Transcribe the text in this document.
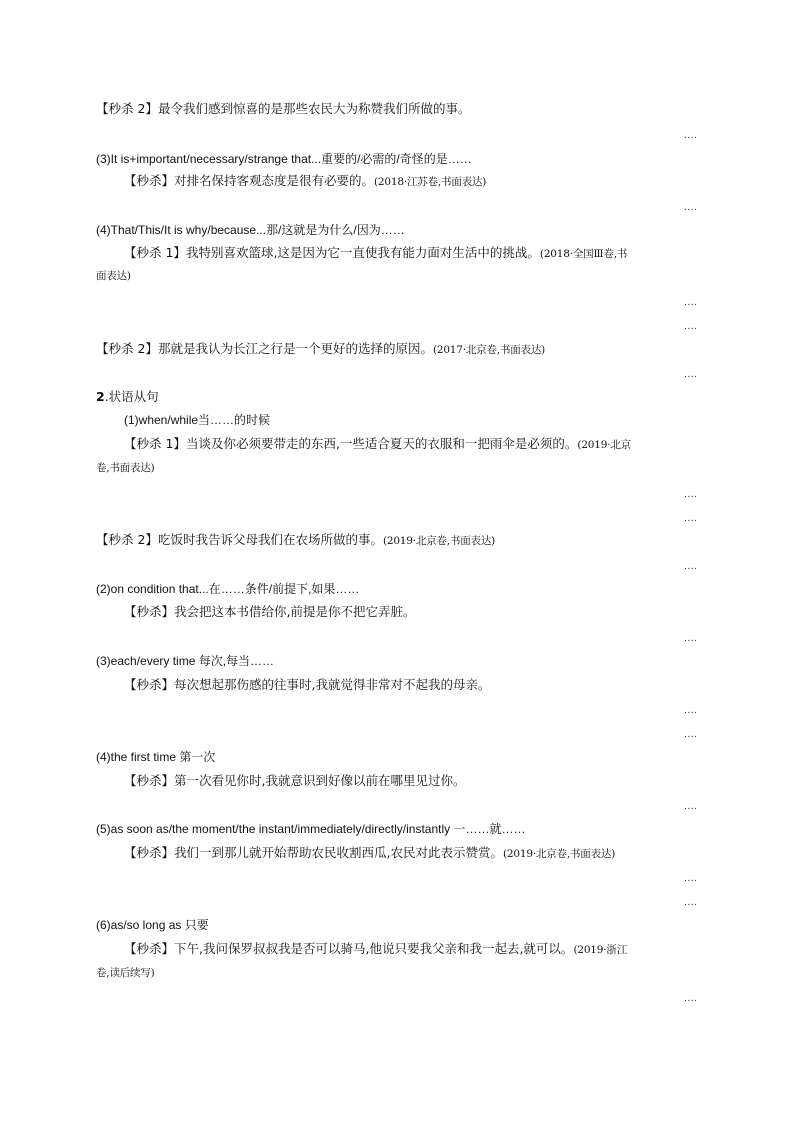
【秒杀 2】最令我们感到惊喜的是那些农民大为称赞我们所做的事。
....
(3)It is+important/necessary/strange that...重要的/必需的/奇怪的是……
【秒杀】对排名保持客观态度是很有必要的。(2018·江苏卷,书面表达)
....
(4)That/This/It is why/because...那/这就是为什么/因为……
【秒杀 1】我特别喜欢篮球,这是因为它一直使我有能力面对生活中的挑战。(2018·全国Ⅲ卷,书
面表达)
....
....
【秒杀 2】那就是我认为长江之行是一个更好的选择的原因。(2017·北京卷,书面表达)
....
2.状语从句
(1)when/while当……的时候
【秒杀 1】当谈及你必须要带走的东西,一些适合夏天的衣服和一把雨伞是必须的。(2019·北京
卷,书面表达)
....
....
【秒杀 2】吃饭时我告诉父母我们在农场所做的事。(2019·北京卷,书面表达)
....
(2)on condition that...在……条件/前提下,如果……
【秒杀】我会把这本书借给你,前提是你不把它弄脏。
....
(3)each/every time 每次,每当……
【秒杀】每次想起那伤感的往事时,我就觉得非常对不起我的母亲。
....
....
(4)the first time 第一次
【秒杀】第一次看见你时,我就意识到好像以前在哪里见过你。
....
(5)as soon as/the moment/the instant/immediately/directly/instantly 一……就……
【秒杀】我们一到那儿就开始帮助农民收割西瓜,农民对此表示赞赏。(2019·北京卷,书面表达)
....
....
(6)as/so long as 只要
【秒杀】下午,我问保罗叔叔我是否可以骑马,他说只要我父亲和我一起去,就可以。(2019·浙江
卷,读后续写)
....
